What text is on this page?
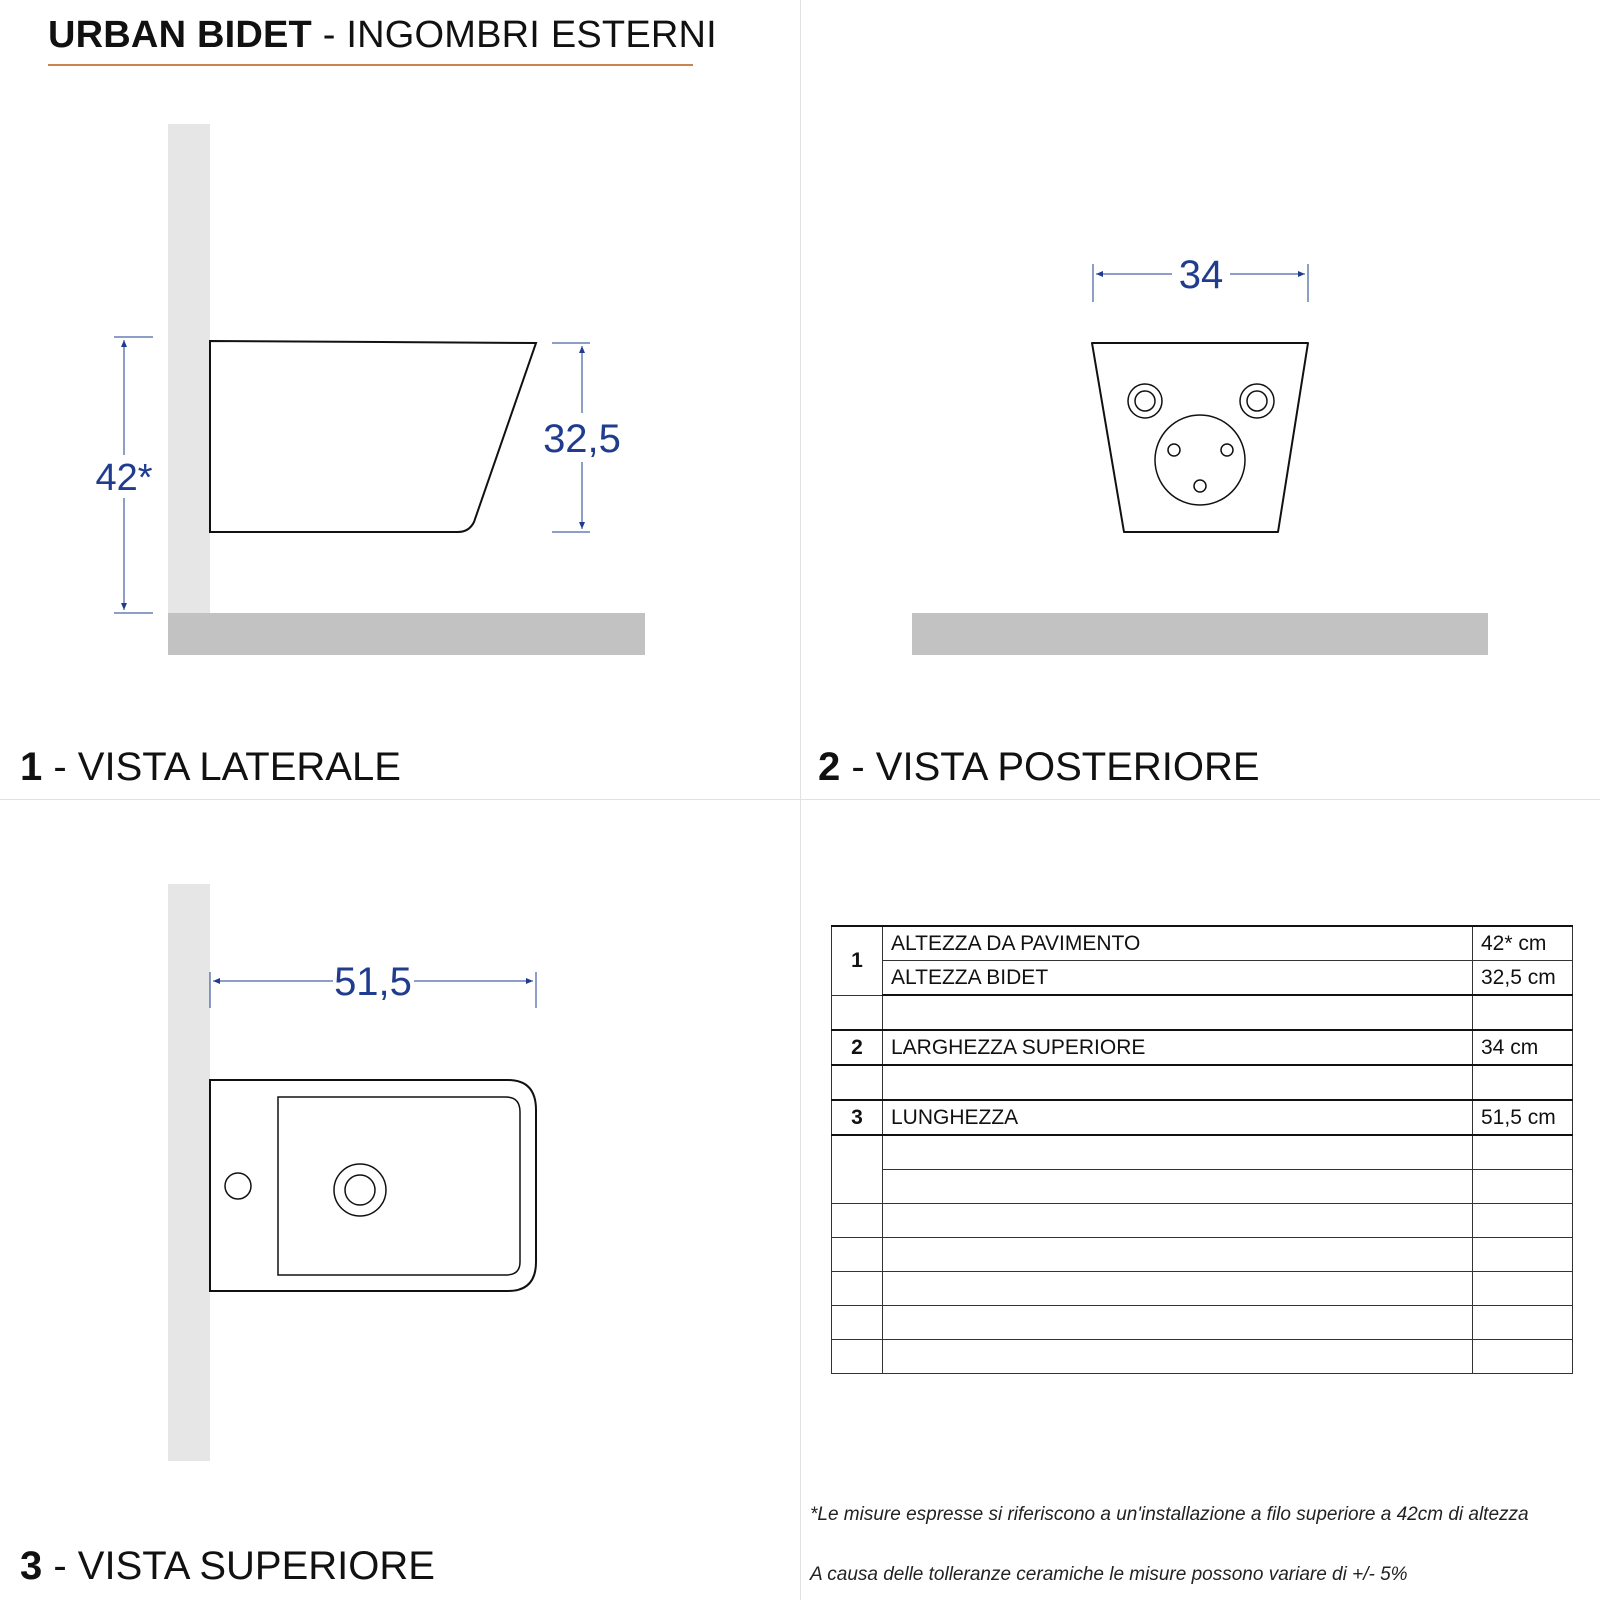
URBAN BIDET - INGOMBRI ESTERNI
42*
32,5
34
51,5
1 - VISTA LATERALE	2 - VISTA POSTERIORE
3 - VISTA SUPERIORE
1	ALTEZZA DA PAVIMENTO	42* cm
	ALTEZZA BIDET	32,5 cm

2	LARGHEZZA SUPERIORE	34 cm

3	LUNGHEZZA	51,5 cm

*Le misure espresse si riferiscono a un'installazione a filo superiore a 42cm di altezza
A causa delle tolleranze ceramiche le misure possono variare di +/- 5%
